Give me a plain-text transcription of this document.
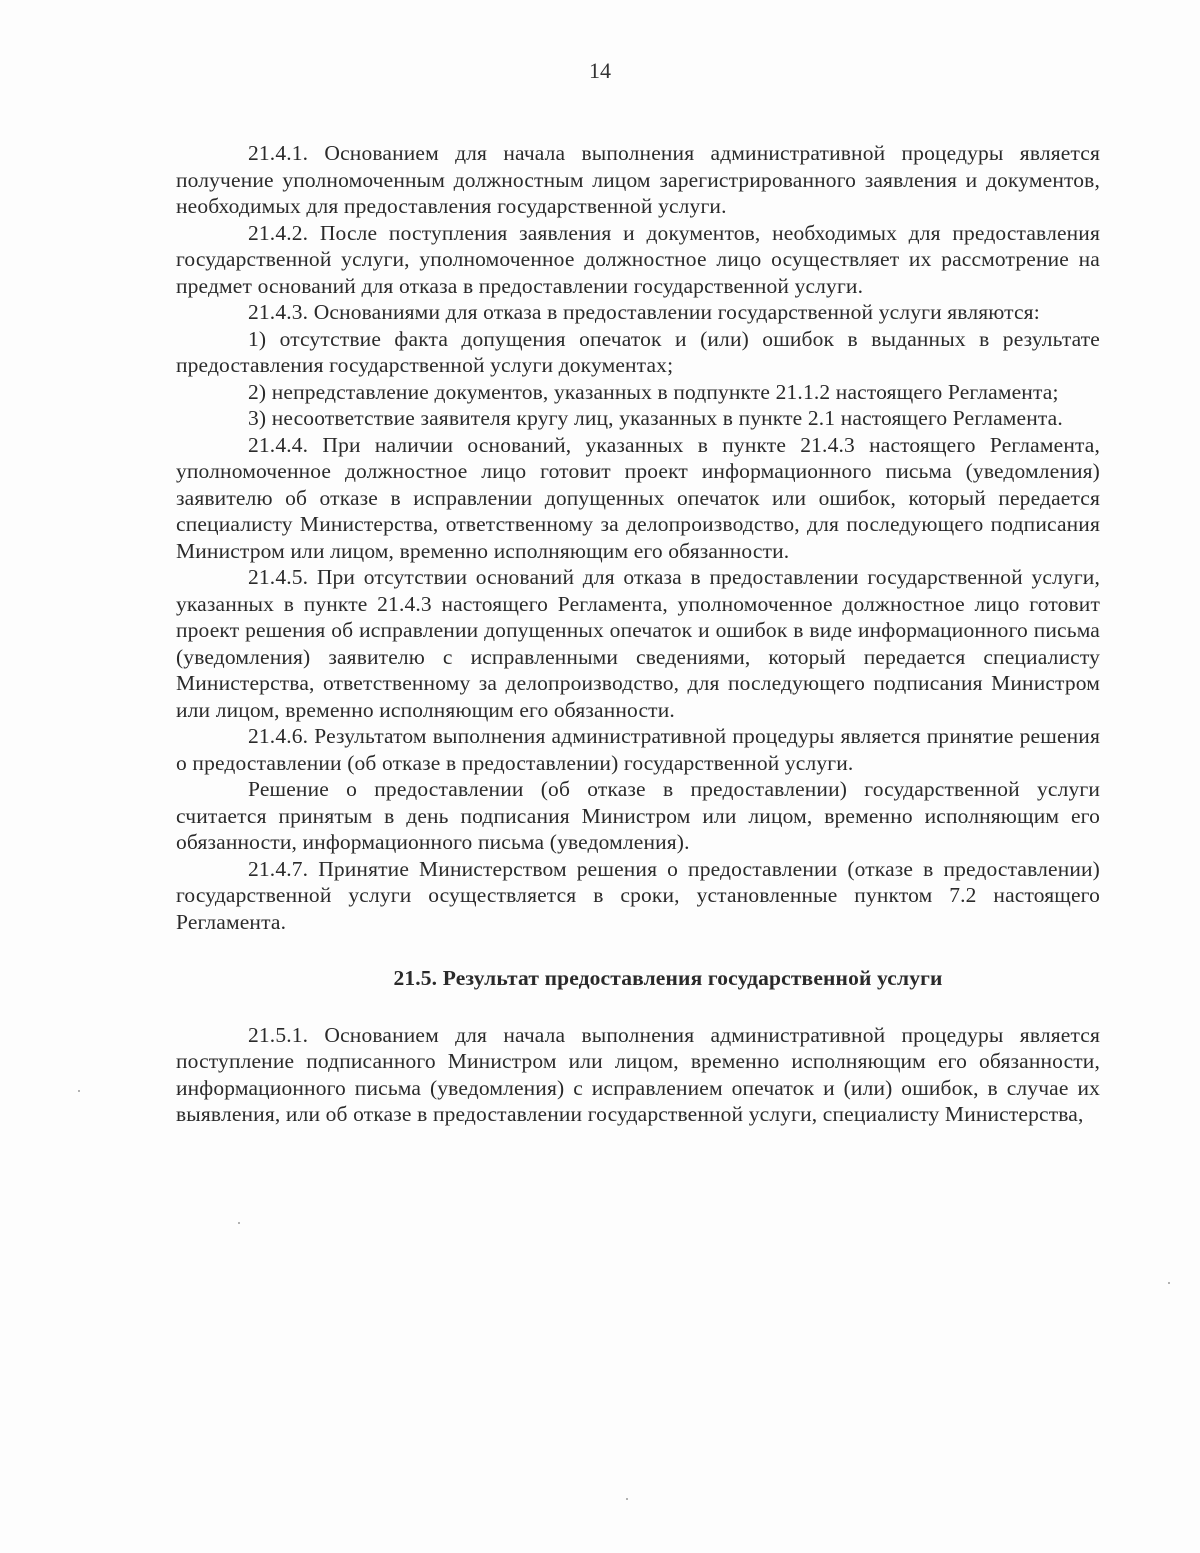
14

21.4.1. Основанием для начала выполнения административной процедуры является получение уполномоченным должностным лицом зарегистрированного заявления и документов, необходимых для предоставления государственной услуги.

21.4.2. После поступления заявления и документов, необходимых для предоставления государственной услуги, уполномоченное должностное лицо осуществляет их рассмотрение на предмет оснований для отказа в предоставлении государственной услуги.

21.4.3. Основаниями для отказа в предоставлении государственной услуги являются:

1) отсутствие факта допущения опечаток и (или) ошибок в выданных в результате предоставления государственной услуги документах;

2) непредставление документов, указанных в подпункте 21.1.2 настоящего Регламента;

3) несоответствие заявителя кругу лиц, указанных в пункте 2.1 настоящего Регламента.

21.4.4. При наличии оснований, указанных в пункте 21.4.3 настоящего Регламента, уполномоченное должностное лицо готовит проект информационного письма (уведомления) заявителю об отказе в исправлении допущенных опечаток или ошибок, который передается специалисту Министерства, ответственному за делопроизводство, для последующего подписания Министром или лицом, временно исполняющим его обязанности.

21.4.5. При отсутствии оснований для отказа в предоставлении государственной услуги, указанных в пункте 21.4.3 настоящего Регламента, уполномоченное должностное лицо готовит проект решения об исправлении допущенных опечаток и ошибок в виде информационного письма (уведомления) заявителю с исправленными сведениями, который передается специалисту Министерства, ответственному за делопроизводство, для последующего подписания Министром или лицом, временно исполняющим его обязанности.

21.4.6. Результатом выполнения административной процедуры является принятие решения о предоставлении (об отказе в предоставлении) государственной услуги.

Решение о предоставлении (об отказе в предоставлении) государственной услуги считается принятым в день подписания Министром или лицом, временно исполняющим его обязанности, информационного письма (уведомления).

21.4.7. Принятие Министерством решения о предоставлении (отказе в предоставлении) государственной услуги осуществляется в сроки, установленные пунктом 7.2 настоящего Регламента.

21.5. Результат предоставления государственной услуги

21.5.1. Основанием для начала выполнения административной процедуры является поступление подписанного Министром или лицом, временно исполняющим его обязанности, информационного письма (уведомления) с исправлением опечаток и (или) ошибок, в случае их выявления, или об отказе в предоставлении государственной услуги, специалисту Министерства,
